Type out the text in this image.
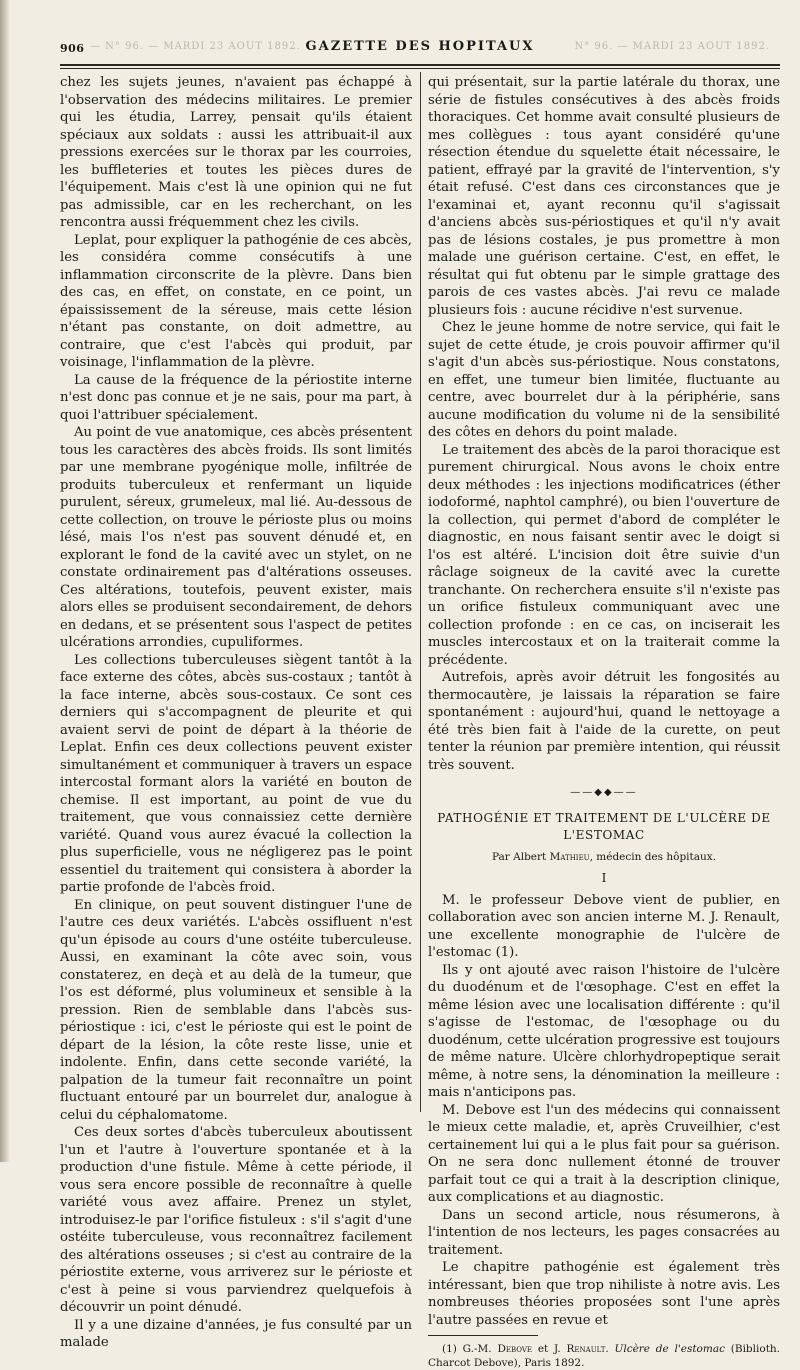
906 — N° 96. — MARDI 23 AOUT 1892. GAZETTE DES HOPITAUX	N° 96. — MARDI 23 AOUT 1892.

chez les sujets jeunes, n'avaient pas échappé à l'observation des médecins militaires. Le premier qui les étudia, Larrey, pensait qu'ils étaient spéciaux aux soldats : aussi les attribuait-il aux pressions exercées sur le thorax par les courroies, les buffleteries et toutes les pièces dures de l'équipement. Mais c'est là une opinion qui ne fut pas admissible, car en les recherchant, on les rencontra aussi fréquemment chez les civils.

Leplat, pour expliquer la pathogénie de ces abcès, les considéra comme consécutifs à une inflammation circonscrite de la plèvre. Dans bien des cas, en effet, on constate, en ce point, un épaississement de la séreuse, mais cette lésion n'étant pas constante, on doit admettre, au contraire, que c'est l'abcès qui produit, par voisinage, l'inflammation de la plèvre.

La cause de la fréquence de la périostite interne n'est donc pas connue et je ne sais, pour ma part, à quoi l'attribuer spécialement.

Au point de vue anatomique, ces abcès présentent tous les caractères des abcès froids. Ils sont limités par une membrane pyogénique molle, infiltrée de produits tuberculeux et renfermant un liquide purulent, séreux, grumeleux, mal lié. Au-dessous de cette collection, on trouve le périoste plus ou moins lésé, mais l'os n'est pas souvent dénudé et, en explorant le fond de la cavité avec un stylet, on ne constate ordinairement pas d'altérations osseuses. Ces altérations, toutefois, peuvent exister, mais alors elles se produisent secondairement, de dehors en dedans, et se présentent sous l'aspect de petites ulcérations arrondies, cupuliformes.

Les collections tuberculeuses siègent tantôt à la face externe des côtes, abcès sus-costaux ; tantôt à la face interne, abcès sous-costaux. Ce sont ces derniers qui s'accompagnent de pleurite et qui avaient servi de point de départ à la théorie de Leplat. Enfin ces deux collections peuvent exister simultanément et communiquer à travers un espace intercostal formant alors la variété en bouton de chemise. Il est important, au point de vue du traitement, que vous connaissiez cette dernière variété. Quand vous aurez évacué la collection la plus superficielle, vous ne négligerez pas le point essentiel du traitement qui consistera à aborder la partie profonde de l'abcès froid.

En clinique, on peut souvent distinguer l'une de l'autre ces deux variétés. L'abcès ossifluent n'est qu'un épisode au cours d'une ostéite tuberculeuse. Aussi, en examinant la côte avec soin, vous constaterez, en deçà et au delà de la tumeur, que l'os est déformé, plus volumineux et sensible à la pression. Rien de semblable dans l'abcès sus-périostique : ici, c'est le périoste qui est le point de départ de la lésion, la côte reste lisse, unie et indolente. Enfin, dans cette seconde variété, la palpation de la tumeur fait reconnaître un point fluctuant entouré par un bourrelet dur, analogue à celui du céphalomatome.

Ces deux sortes d'abcès tuberculeux aboutissent l'un et l'autre à l'ouverture spontanée et à la production d'une fistule. Même à cette période, il vous sera encore possible de reconnaître à quelle variété vous avez affaire. Prenez un stylet, introduisez-le par l'orifice fistuleux : s'il s'agit d'une ostéite tuberculeuse, vous reconnaîtrez facilement des altérations osseuses ; si c'est au contraire de la périostite externe, vous arriverez sur le périoste et c'est à peine si vous parviendrez quelquefois à découvrir un point dénudé.

Il y a une dizaine d'années, je fus consulté par un malade

qui présentait, sur la partie latérale du thorax, une série de fistules consécutives à des abcès froids thoraciques. Cet homme avait consulté plusieurs de mes collègues : tous ayant considéré qu'une résection étendue du squelette était nécessaire, le patient, effrayé par la gravité de l'intervention, s'y était refusé. C'est dans ces circonstances que je l'examinai et, ayant reconnu qu'il s'agissait d'anciens abcès sus-périostiques et qu'il n'y avait pas de lésions costales, je pus promettre à mon malade une guérison certaine. C'est, en effet, le résultat qui fut obtenu par le simple grattage des parois de ces vastes abcès. J'ai revu ce malade plusieurs fois : aucune récidive n'est survenue.

Chez le jeune homme de notre service, qui fait le sujet de cette étude, je crois pouvoir affirmer qu'il s'agit d'un abcès sus-périostique. Nous constatons, en effet, une tumeur bien limitée, fluctuante au centre, avec bourrelet dur à la périphérie, sans aucune modification du volume ni de la sensibilité des côtes en dehors du point malade.

Le traitement des abcès de la paroi thoracique est purement chirurgical. Nous avons le choix entre deux méthodes : les injections modificatrices (éther iodoformé, naphtol camphré), ou bien l'ouverture de la collection, qui permet d'abord de compléter le diagnostic, en nous faisant sentir avec le doigt si l'os est altéré. L'incision doit être suivie d'un râclage soigneux de la cavité avec la curette tranchante. On recherchera ensuite s'il n'existe pas un orifice fistuleux communiquant avec une collection profonde : en ce cas, on inciserait les muscles intercostaux et on la traiterait comme la précédente.

Autrefois, après avoir détruit les fongosités au thermocautère, je laissais la réparation se faire spontanément : aujourd'hui, quand le nettoyage a été très bien fait à l'aide de la curette, on peut tenter la réunion par première intention, qui réussit très souvent.

——◆◆——
PATHOGÉNIE ET TRAITEMENT DE L'ULCÈRE DE L'ESTOMAC
Par Albert Mathieu, médecin des hôpitaux.
I

M. le professeur Debove vient de publier, en collaboration avec son ancien interne M. J. Renault, une excellente monographie de l'ulcère de l'estomac (1).

Ils y ont ajouté avec raison l'histoire de l'ulcère du duodénum et de l'œsophage. C'est en effet la même lésion avec une localisation différente : qu'il s'agisse de l'estomac, de l'œsophage ou du duodénum, cette ulcération progressive est toujours de même nature. Ulcère chlorhydropeptique serait même, à notre sens, la dénomination la meilleure : mais n'anticipons pas.

M. Debove est l'un des médecins qui connaissent le mieux cette maladie, et, après Cruveilhier, c'est certainement lui qui a le plus fait pour sa guérison. On ne sera donc nullement étonné de trouver parfait tout ce qui a trait à la description clinique, aux complications et au diagnostic.

Dans un second article, nous résumerons, à l'intention de nos lecteurs, les pages consacrées au traitement.

Le chapitre pathogénie est également très intéressant, bien que trop nihiliste à notre avis. Les nombreuses théories proposées sont l'une après l'autre passées en revue et

(1) G.-M. Debove et J. Renault. Ulcère de l'estomac (Biblioth. Charcot Debove), Paris 1892.
